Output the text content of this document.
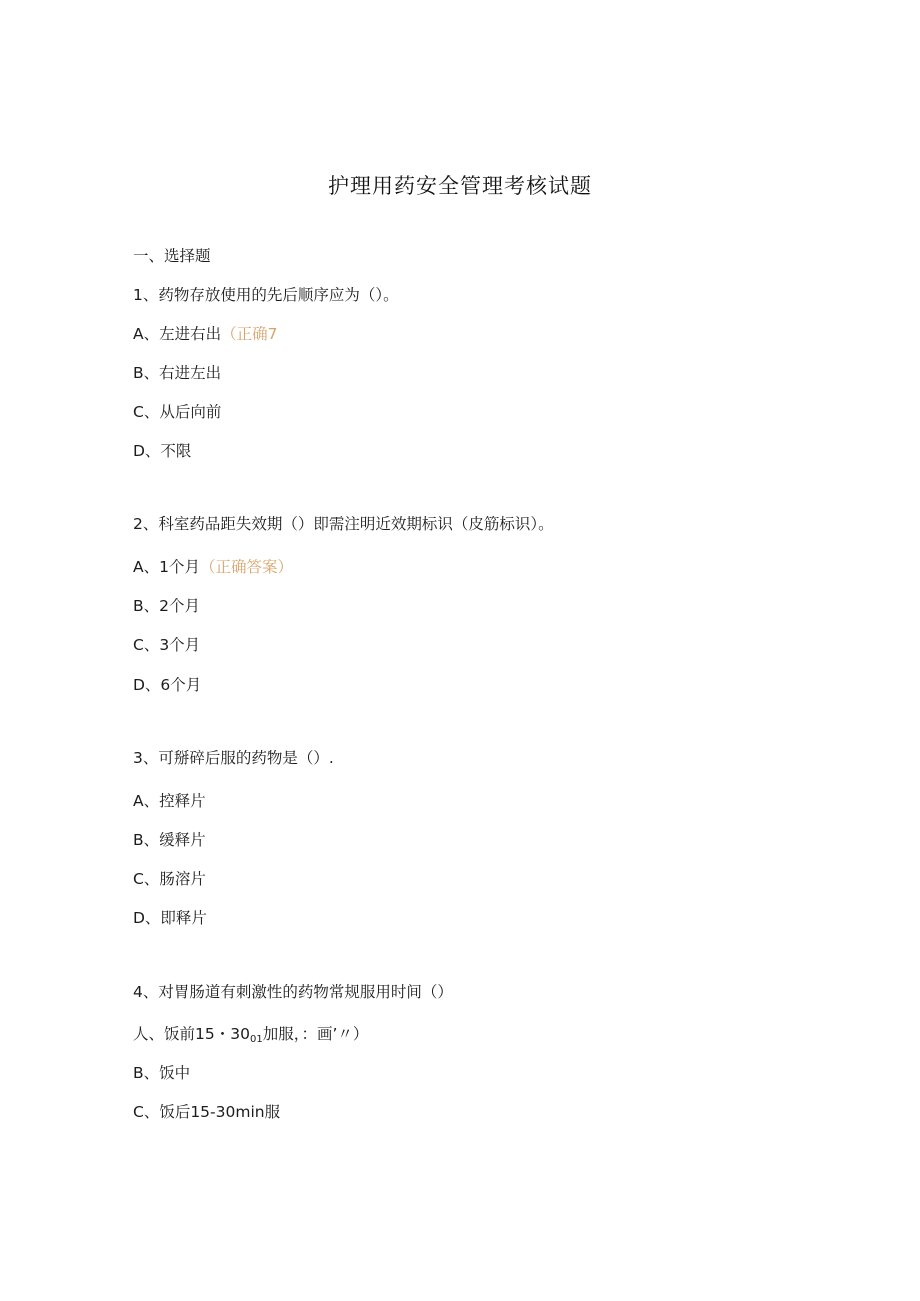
护理用药安全管理考核试题
一、选择题
1、药物存放使用的先后顺序应为（）。
A、左进右出（正确7
B、右进左出
C、从后向前
D、不限
2、科室药品距失效期（）即需注明近效期标识（皮筋标识）。
A、1个月（正确答案）
B、2个月
C、3个月
D、6个月
3、可掰碎后服的药物是（）.
A、控释片
B、缓释片
C、肠溶片
D、即释片
4、对胃肠道有刺激性的药物常规服用时间（）
人、饭前15・$30_{01}$加服，：画’〃）
B、饭中
C、饭后15-30min服
